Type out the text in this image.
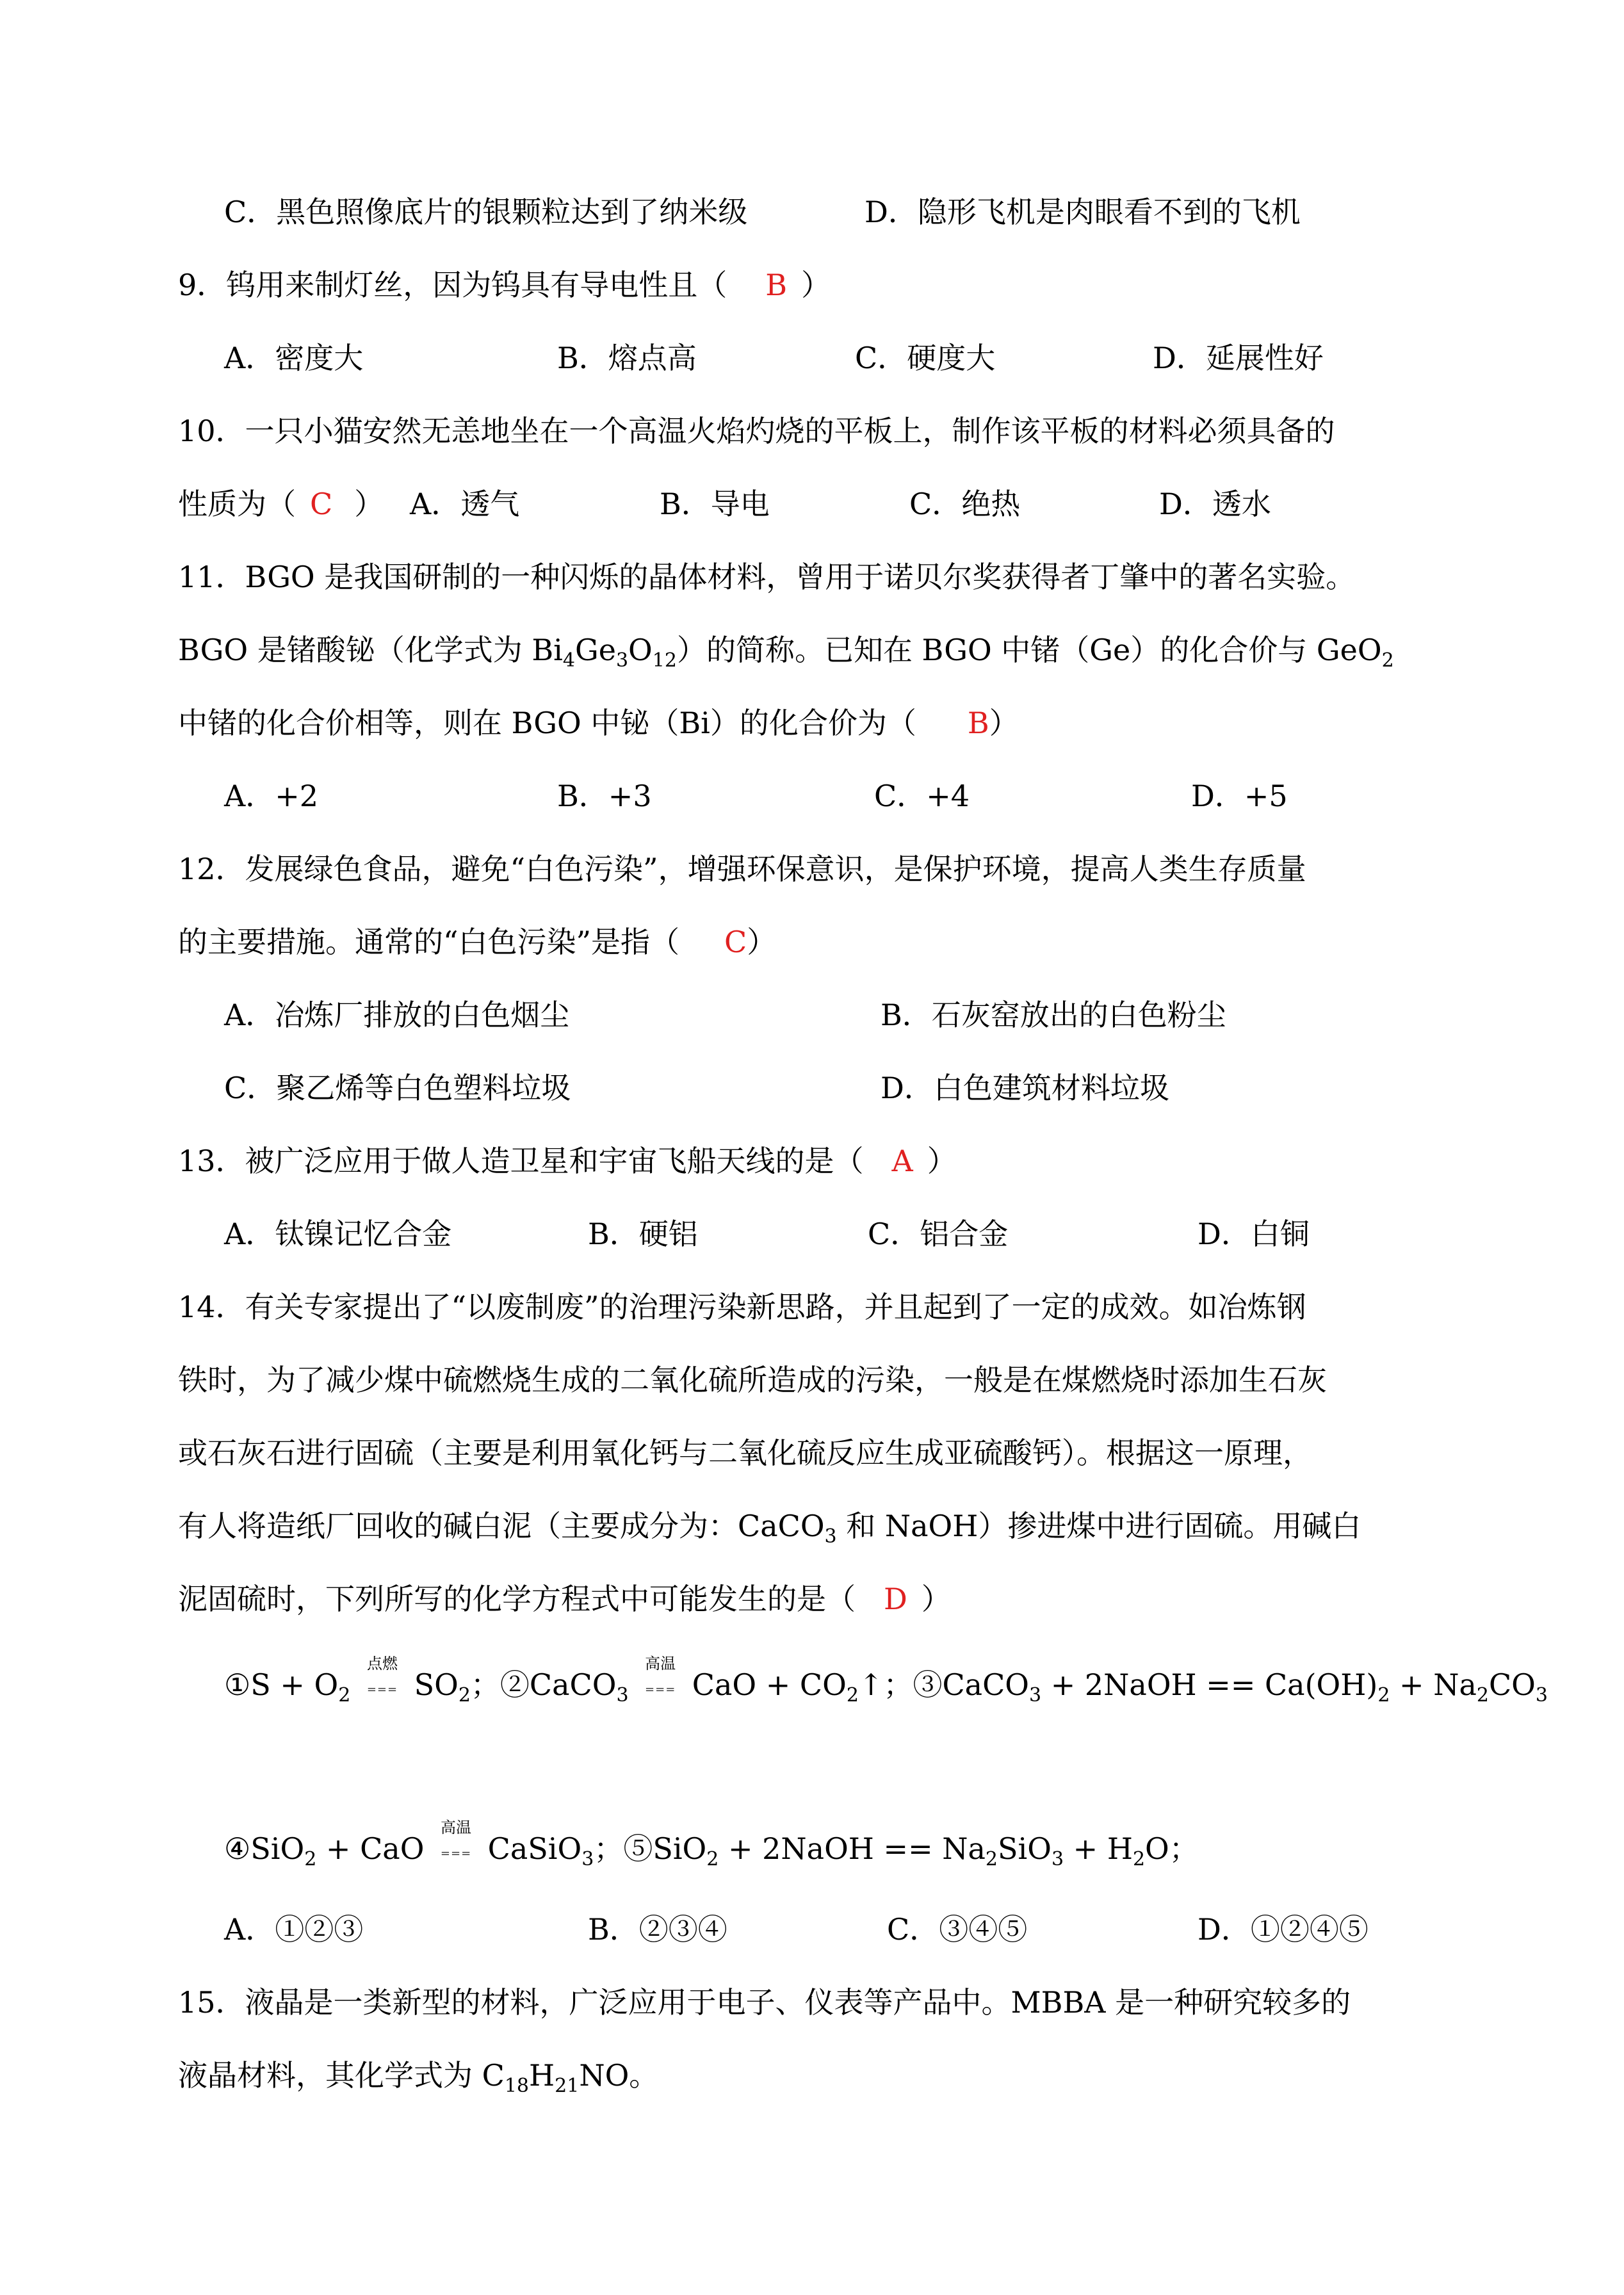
C．黑色照像底片的银颗粒达到了纳米级	D．隐形飞机是肉眼看不到的飞机
9．钨用来制灯丝，因为钨具有导电性且（ B ）
A．密度大	B．熔点高	C．硬度大	D．延展性好
10．一只小猫安然无恙地坐在一个高温火焰灼烧的平板上，制作该平板的材料必须具备的
性质为（ C ） A．透气	B．导电	C．绝热	D．透水
11．BGO 是我国研制的一种闪烁的晶体材料，曾用于诺贝尔奖获得者丁肇中的著名实验。
BGO 是锗酸铋（化学式为 $Bi_4Ge_3O_{12}$）的简称。已知在 BGO 中锗（Ge）的化合价与 GeO$_2$
中锗的化合价相等，则在 BGO 中铋（Bi）的化合价为（ B）
A．+2	B．+3	C．+4	D．+5
12．发展绿色食品，避免“白色污染”，增强环保意识，是保护环境，提高人类生存质量
的主要措施。通常的“白色污染”是指（ C）
A．冶炼厂排放的白色烟尘	B．石灰窑放出的白色粉尘
C．聚乙烯等白色塑料垃圾	D．白色建筑材料垃圾
13．被广泛应用于做人造卫星和宇宙飞船天线的是（ A ）
A．钛镍记忆合金	B．硬铝	C．铝合金	D．白铜
14．有关专家提出了“以废制废”的治理污染新思路，并且起到了一定的成效。如冶炼钢
铁时，为了减少煤中硫燃烧生成的二氧化硫所造成的污染，一般是在煤燃烧时添加生石灰
或石灰石进行固硫（主要是利用氧化钙与二氧化硫反应生成亚硫酸钙）。根据这一原理，
有人将造纸厂回收的碱白泥（主要成分为：CaCO$_3$ 和 NaOH）掺进煤中进行固硫。用碱白
泥固硫时，下列所写的化学方程式中可能发生的是（ D ）
①S + $O_2$
点燃
=== $SO_2$；②CaCO$_3$
高温
=== CaO + $CO_2↑$；③CaCO$_3$ + 2NaOH == $Ca(OH)_2 + Na_2CO_3$
④SiO$_2$ + CaO
高温
=== CaSiO$_3$；⑤SiO$_2$ + 2NaOH == $Na_2SiO_3 + H_2O$；
A．①②③	B．②③④	C．③④⑤	D．①②④⑤
15．液晶是一类新型的材料，广泛应用于电子、仪表等产品中。MBBA 是一种研究较多的
液晶材料，其化学式为 $C_{18}H_{21}NO$。
